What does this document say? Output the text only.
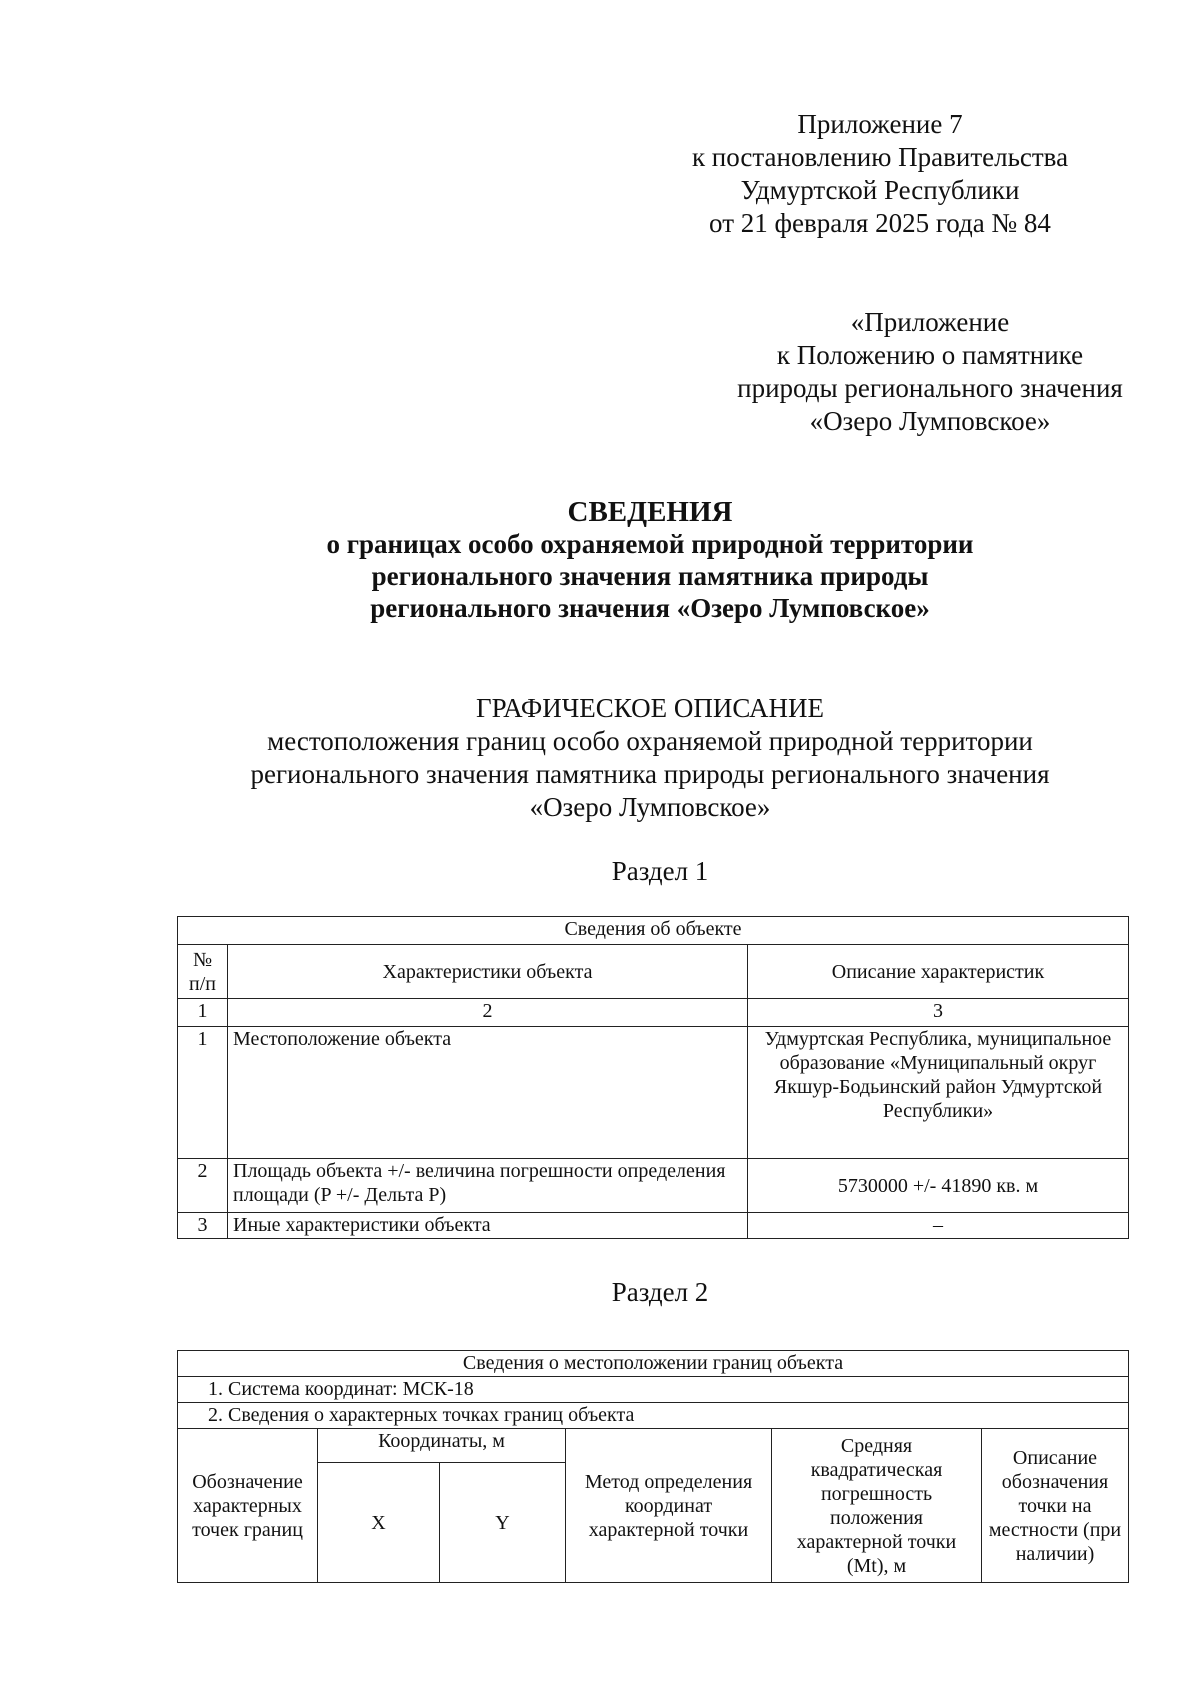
Приложение 7
к постановлению Правительства
Удмуртской Республики
от 21 февраля 2025 года № 84
«Приложение
к Положению о памятнике
природы регионального значения
«Озеро Лумповское»
СВЕДЕНИЯ
о границах особо охраняемой природной территории
регионального значения памятника природы
регионального значения «Озеро Лумповское»
ГРАФИЧЕСКОЕ ОПИСАНИЕ
местоположения границ особо охраняемой природной территории
регионального значения памятника природы регионального значения
«Озеро Лумповское»
Раздел 1
Сведения об объекте		
№ п/п	Характеристики объекта	Описание характеристик
1	2	3
1	Местоположение объекта	Удмуртская Республика, муниципальное образование «Муниципальный округ Якшур-Бодьинский район Удмуртской Республики»
2	Площадь объекта +/- величина погрешности определения площади (P +/- Дельта P)	5730000 +/- 41890 кв. м
3	Иные характеристики объекта	–
Раздел 2
Сведения о местоположении границ объекта					
1. Система координат: МСК-18					
2. Сведения о характерных точках границ объекта					
Обозначение характерных точек границ	Координаты, м		Метод определения координат характерной точки	Средняя квадратическая погрешность положения характерной точки (Mt), м	Описание обозначения точки на местности (при наличии)
	X	Y			
